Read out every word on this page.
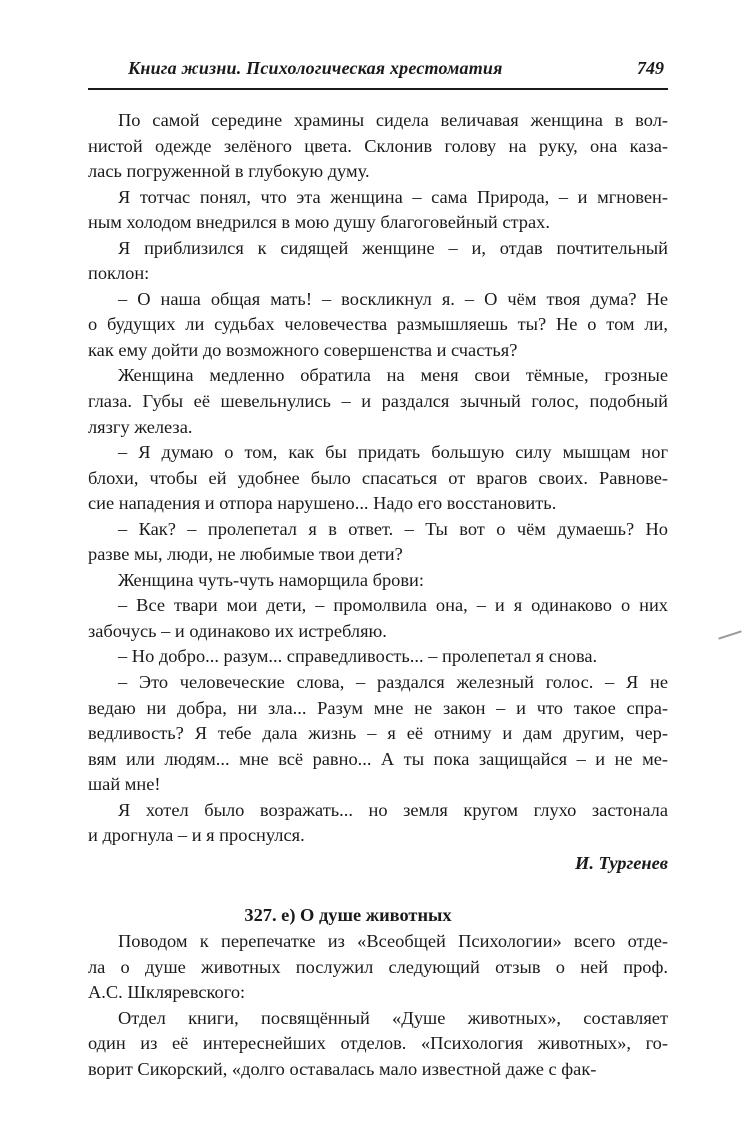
Книга жизни. Психологическая хрестоматия	749
По самой середине храмины сидела величавая женщина в вол-
нистой одежде зелёного цвета. Склонив голову на руку, она каза-
лась погруженной в глубокую думу.
Я тотчас понял, что эта женщина – сама Природа, – и мгновен-
ным холодом внедрился в мою душу благоговейный страх.
Я приблизился к сидящей женщине – и, отдав почтительный
поклон:
– О наша общая мать! – воскликнул я. – О чём твоя дума? Не
о будущих ли судьбах человечества размышляешь ты? Не о том ли,
как ему дойти до возможного совершенства и счастья?
Женщина медленно обратила на меня свои тёмные, грозные
глаза. Губы её шевельнулись – и раздался зычный голос, подобный
лязгу железа.
– Я думаю о том, как бы придать большую силу мышцам ног
блохи, чтобы ей удобнее было спасаться от врагов своих. Равнове-
сие нападения и отпора нарушено... Надо его восстановить.
– Как? – пролепетал я в ответ. – Ты вот о чём думаешь? Но
разве мы, люди, не любимые твои дети?
Женщина чуть-чуть наморщила брови:
– Все твари мои дети, – промолвила она, – и я одинаково о них
забочусь – и одинаково их истребляю.
– Но добро... разум... справедливость... – пролепетал я снова.
– Это человеческие слова, – раздался железный голос. – Я не
ведаю ни добра, ни зла... Разум мне не закон – и что такое спра-
ведливость? Я тебе дала жизнь – я её отниму и дам другим, чер-
вям или людям... мне всё равно... А ты пока защищайся – и не ме-
шай мне!
Я хотел было возражать... но земля кругом глухо застонала
и дрогнула – и я проснулся.
И. Тургенев
327. е) О душе животных
Поводом к перепечатке из «Всеобщей Психологии» всего отде-
ла о душе животных послужил следующий отзыв о ней проф.
А.С. Шкляревского:
Отдел книги, посвящённый «Душе животных», составляет
один из её интереснейших отделов. «Психология животных», го-
ворит Сикорский, «долго оставалась мало известной даже с фак-
